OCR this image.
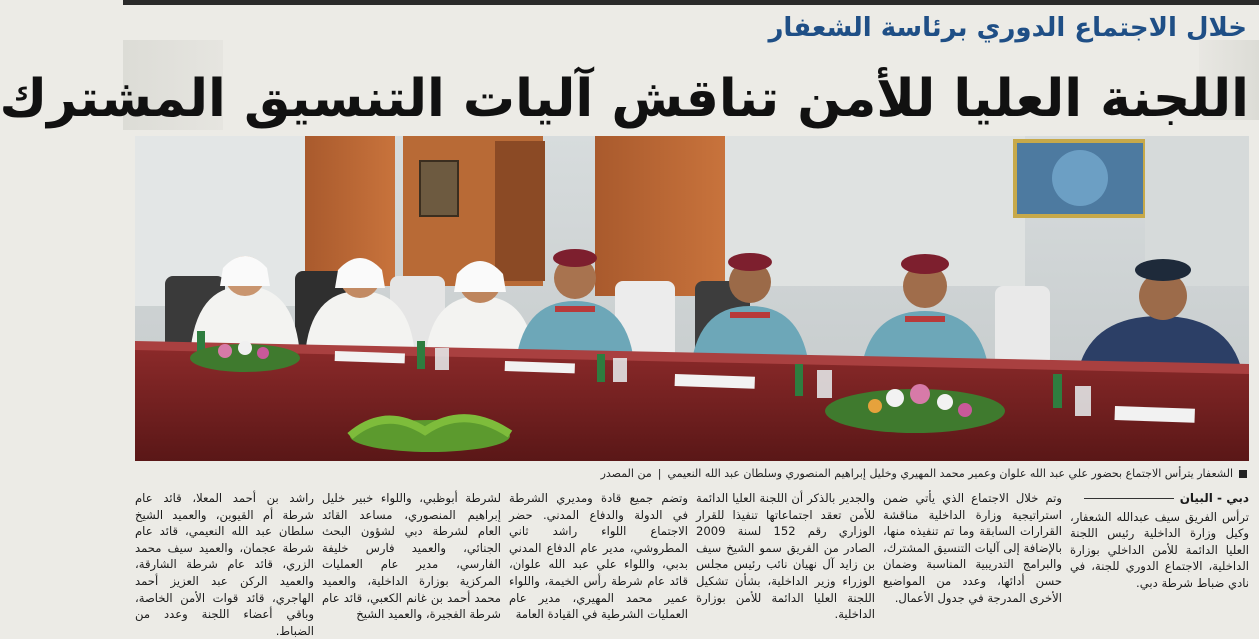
خلال الاجتماع الدوري برئاسة الشعفار
اللجنة العليا للأمن تناقش آليات التنسيق المشترك
الشعفار يترأس الاجتماع بحضور علي عبد الله علوان وعمير محمد المهيري وخليل إبراهيم المنصوري وسلطان عبد الله النعيمي
|
من المصدر
دبي - البيان
ترأس الفريق سيف عبدالله الشعفار، وكيل وزارة الداخلية رئيس اللجنة العليا الدائمة للأمن الداخلي بوزارة الداخلية، الاجتماع الدوري للجنة، في نادي ضباط شرطة دبي.
وتم خلال الاجتماع الذي يأتي ضمن استراتيجية وزارة الداخلية مناقشة القرارات السابقة وما تم تنفيذه منها، بالإضافة إلى آليات التنسيق المشترك، والبرامج التدريبية المناسبة وضمان حسن أدائها، وعدد من المواضيع الأخرى المدرجة في جدول الأعمال.
والجدير بالذكر أن اللجنة العليا الدائمة للأمن تعقد اجتماعاتها تنفيذا للقرار الوزاري رقم 152 لسنة 2009 الصادر من الفريق سمو الشيخ سيف بن زايد آل نهيان نائب رئيس مجلس الوزراء وزير الداخلية، بشأن تشكيل اللجنة العليا الدائمة للأمن بوزارة الداخلية.
وتضم جميع قادة ومديري الشرطة في الدولة والدفاع المدني. حضر الاجتماع اللواء راشد ثاني المطروشي، مدير عام الدفاع المدني بدبي، واللواء علي عبد الله علوان، قائد عام شرطة رأس الخيمة، واللواء عمير محمد المهيري، مدير عام العمليات الشرطية في القيادة العامة
لشرطة أبوظبي، واللواء خبير خليل إبراهيم المنصوري، مساعد القائد العام لشرطة دبي لشؤون البحث الجنائي، والعميد فارس خليفة الفارسي، مدير عام العمليات المركزية بوزارة الداخلية، والعميد محمد أحمد بن غانم الكعبي، قائد عام شرطة الفجيرة، والعميد الشيخ
راشد بن أحمد المعلا، قائد عام شرطة أم القيوين، والعميد الشيخ سلطان عبد الله النعيمي، قائد عام شرطة عجمان، والعميد سيف محمد الزري، قائد عام شرطة الشارقة، والعميد الركن عبد العزيز أحمد الهاجري، قائد قوات الأمن الخاصة، وباقي أعضاء اللجنة وعدد من الضباط.
